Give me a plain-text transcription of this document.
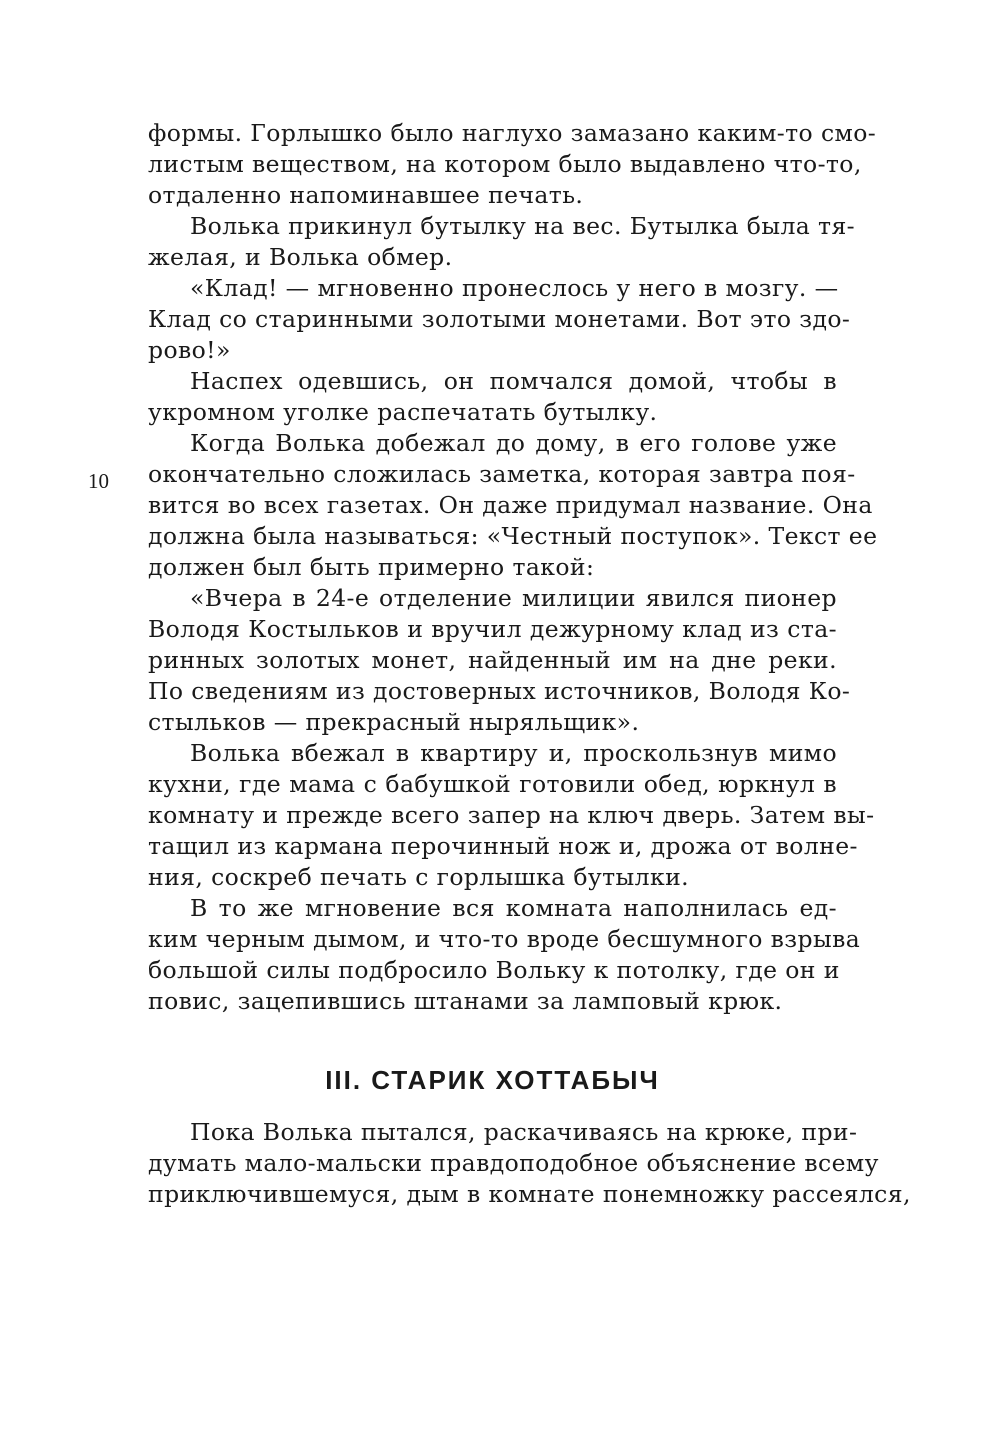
формы. Горлышко было наглухо замазано каким-то смо-
листым веществом, на котором было выдавлено что-то,
отдаленно напоминавшее печать.
Волька прикинул бутылку на вес. Бутылка была тя-
желая, и Волька обмер.
«Клад! — мгновенно пронеслось у него в мозгу. —
Клад со старинными золотыми монетами. Вот это здо-
рово!»
Наспех одевшись, он помчался домой, чтобы в
укромном уголке распечатать бутылку.
Когда Волька добежал до дому, в его голове уже
окончательно сложилась заметка, которая завтра поя-
вится во всех газетах. Он даже придумал название. Она
должна была называться: «Честный поступок». Текст ее
должен был быть примерно такой:
«Вчера в 24-е отделение милиции явился пионер
Володя Костыльков и вручил дежурному клад из ста-
ринных золотых монет, найденный им на дне реки.
По сведениям из достоверных источников, Володя Ко-
стыльков — прекрасный ныряльщик».
Волька вбежал в квартиру и, проскользнув мимо
кухни, где мама с бабушкой готовили обед, юркнул в
комнату и прежде всего запер на ключ дверь. Затем вы-
тащил из кармана перочинный нож и, дрожа от волне-
ния, соскреб печать с горлышка бутылки.
В то же мгновение вся комната наполнилась ед-
ким черным дымом, и что-то вроде бесшумного взрыва
большой силы подбросило Вольку к потолку, где он и
повис, зацепившись штанами за ламповый крюк.
10
III. СТАРИК ХОТТАБЫЧ
Пока Волька пытался, раскачиваясь на крюке, при-
думать мало-мальски правдоподобное объяснение всему
приключившемуся, дым в комнате понемножку рассеялся,
